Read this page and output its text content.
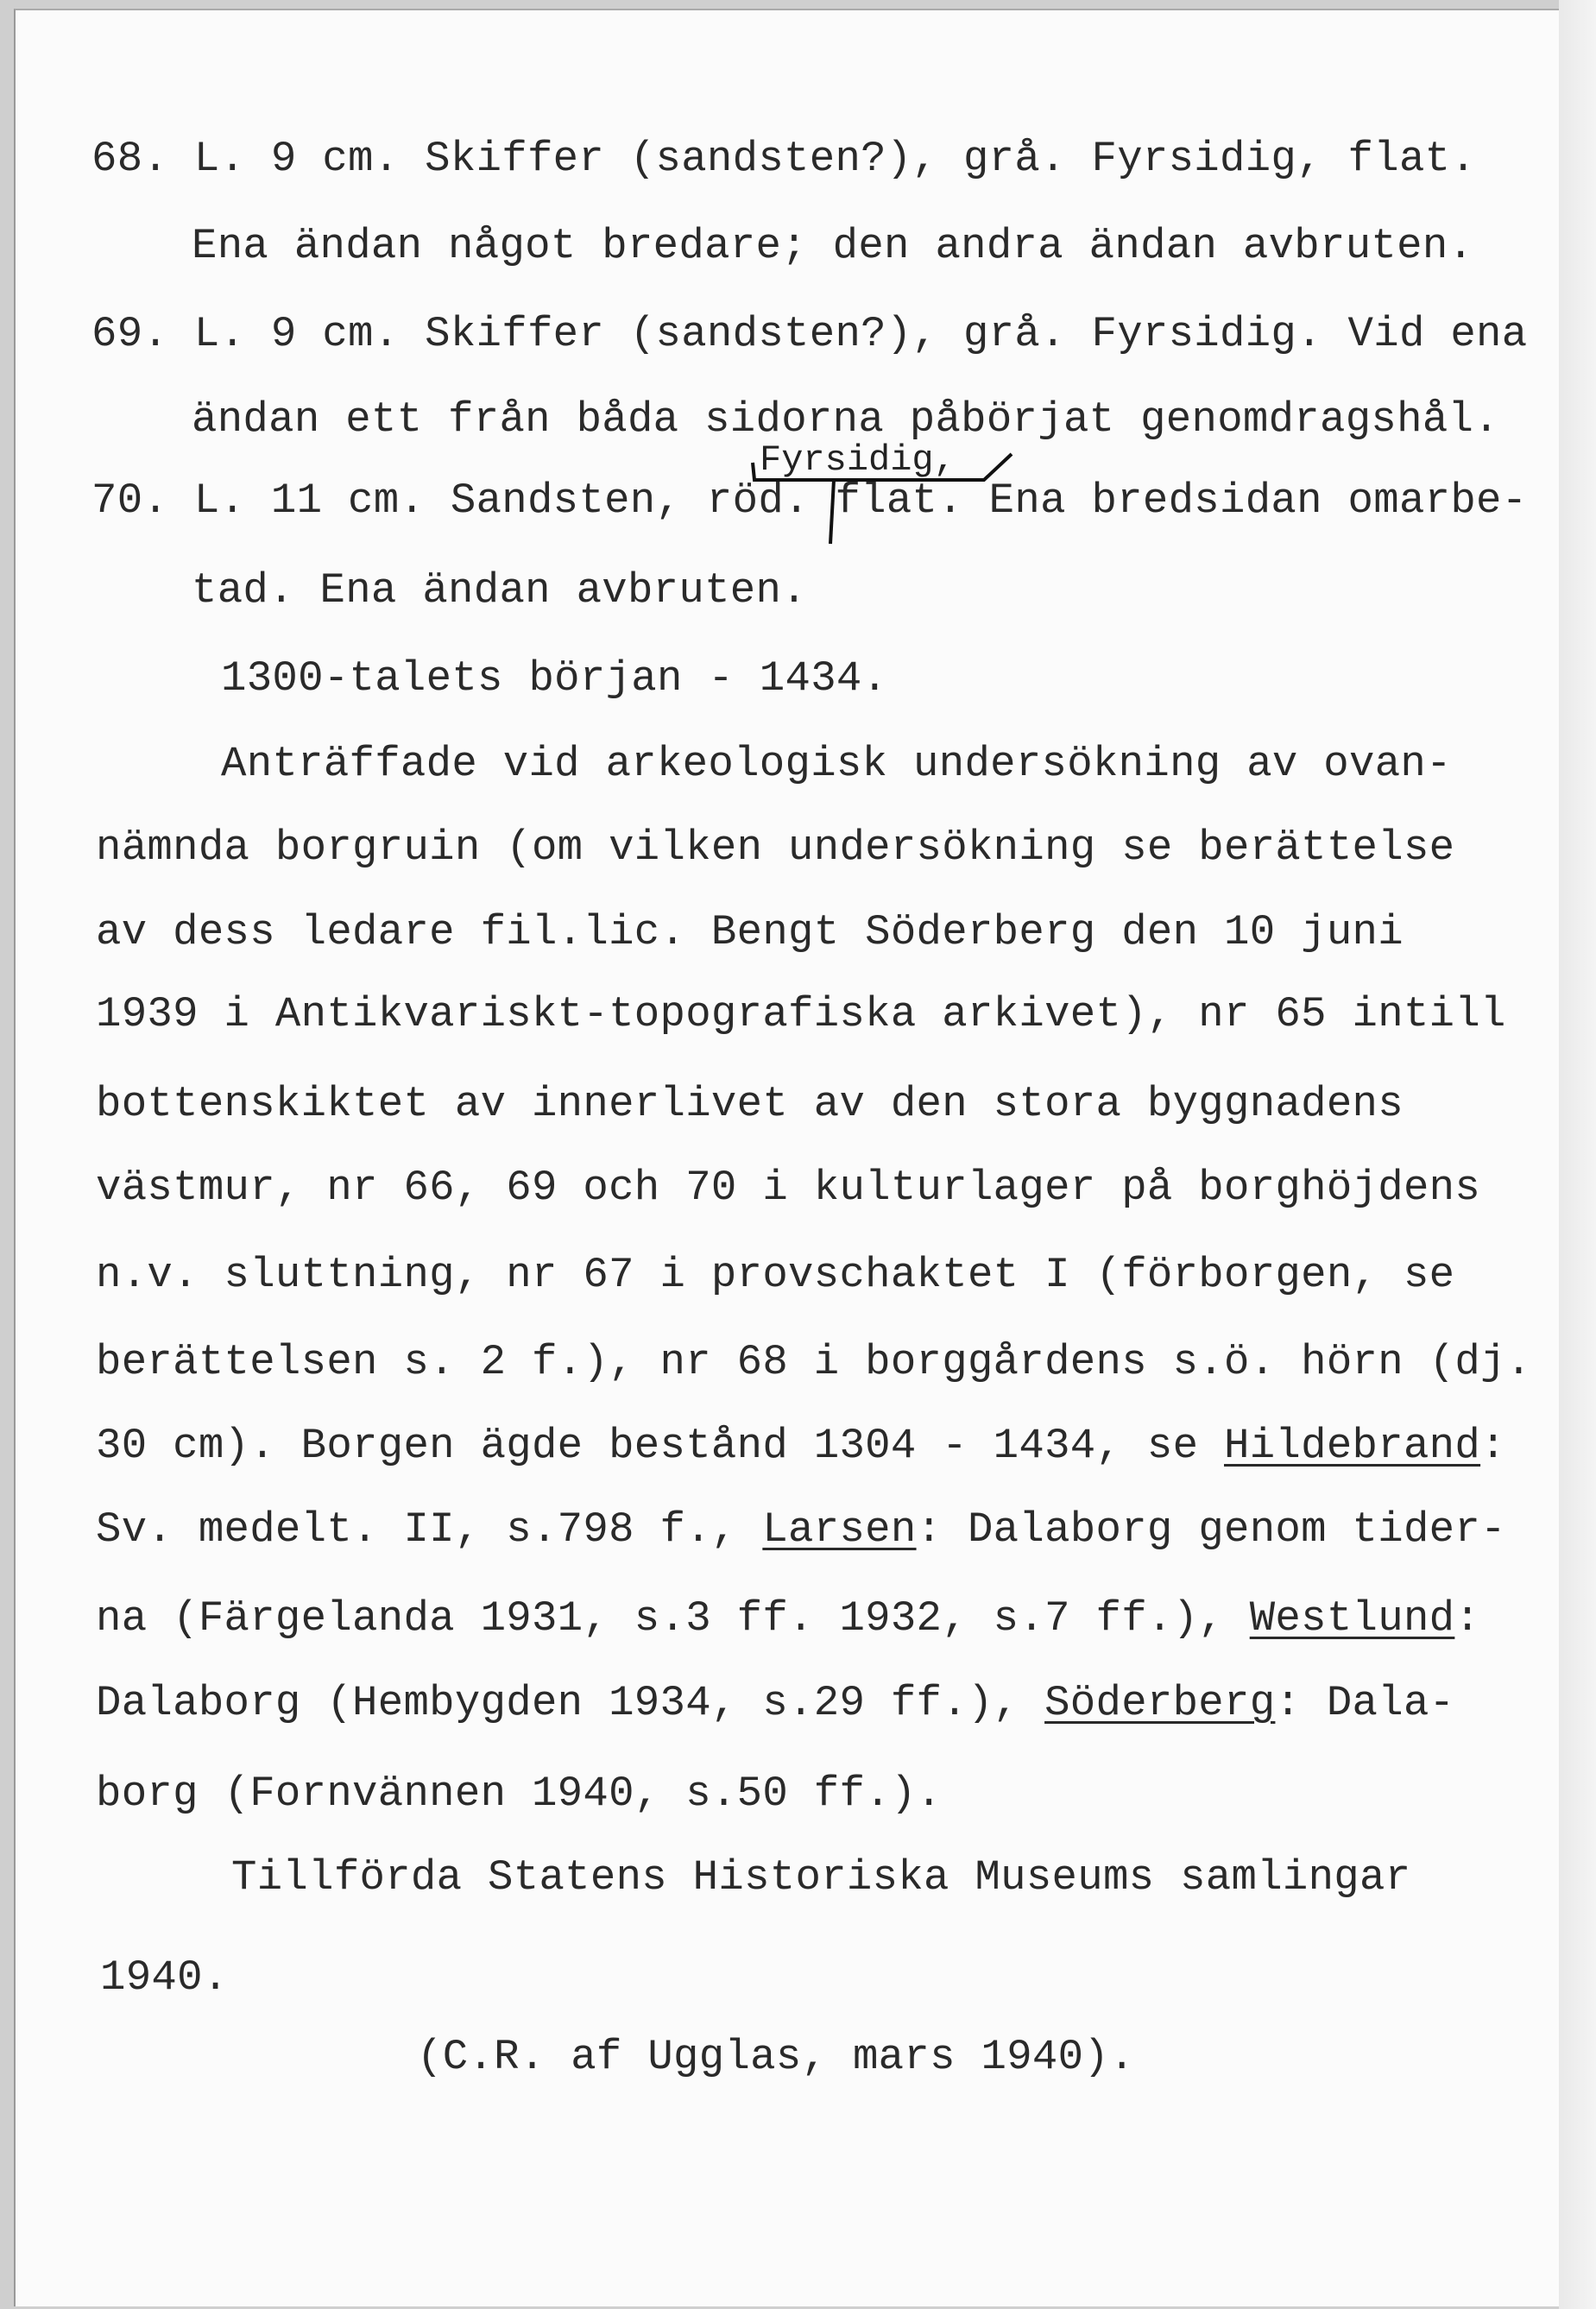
68. L. 9 cm. Skiffer (sandsten?), grå. Fyrsidig, flat.
Ena ändan något bredare; den andra ändan avbruten.
69. L. 9 cm. Skiffer (sandsten?), grå. Fyrsidig. Vid ena
ändan ett från båda sidorna påbörjat genomdragshål.
70. L. 11 cm. Sandsten, röd. flat. Ena bredsidan omarbe-
tad. Ena ändan avbruten.
1300-talets början - 1434.
Anträffade vid arkeologisk undersökning av ovan-
nämnda borgruin (om vilken undersökning se berättelse
av dess ledare fil.lic. Bengt Söderberg den 10 juni
1939 i Antikvariskt-topografiska arkivet), nr 65 intill
bottenskiktet av innerlivet av den stora byggnadens
västmur, nr 66, 69 och 70 i kulturlager på borghöjdens
n.v. sluttning, nr 67 i provschaktet I (förborgen, se
berättelsen s. 2 f.), nr 68 i borggårdens s.ö. hörn (dj.
30 cm). Borgen ägde bestånd 1304 - 1434, se Hildebrand:
Sv. medelt. II, s.798 f., Larsen: Dalaborg genom tider-
na (Färgelanda 1931, s.3 ff. 1932, s.7 ff.), Westlund:
Dalaborg (Hembygden 1934, s.29 ff.), Söderberg: Dala-
borg (Fornvännen 1940, s.50 ff.).
Tillförda Statens Historiska Museums samlingar
1940.
(C.R. af Ugglas, mars 1940).
Fyrsidig,
